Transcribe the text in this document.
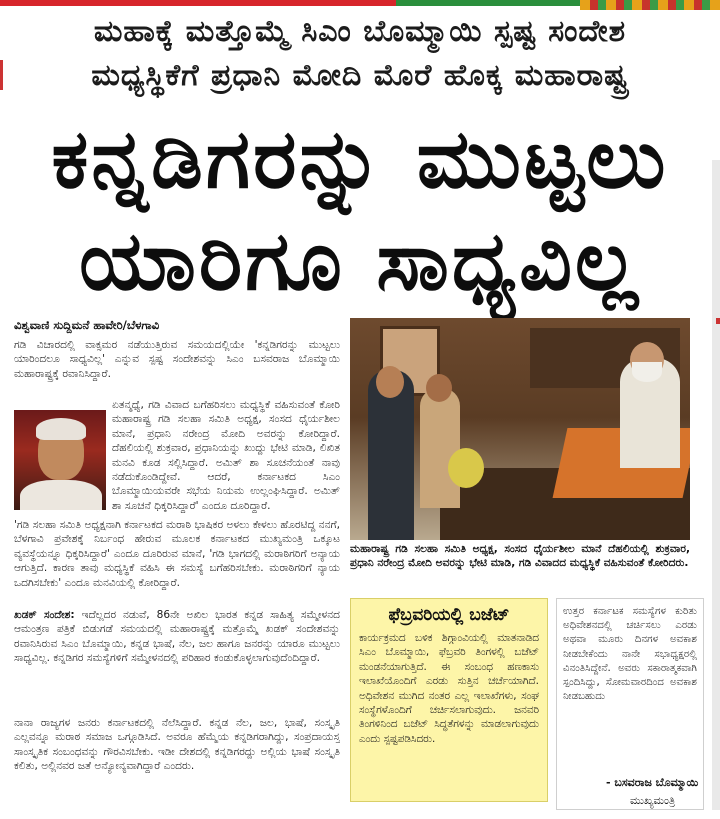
ಮಹಾಕ್ಕೆ ಮತ್ತೊಮ್ಮೆ ಸಿಎಂ ಬೊಮ್ಮಾಯಿ ಸ್ಪಷ್ಟ ಸಂದೇಶ
ಮಧ್ಯಸ್ಥಿಕೆಗೆ ಪ್ರಧಾನಿ ಮೋದಿ ಮೊರೆ ಹೊಕ್ಕ ಮಹಾರಾಷ್ಟ್ರ
ಕನ್ನಡಿಗರನ್ನು ಮುಟ್ಟಲು
ಯಾರಿಗೂ ಸಾಧ್ಯವಿಲ್ಲ
ವಿಶ್ವವಾಣಿ ಸುದ್ದಿಮನೆ ಹಾವೇರಿ/ಬೆಳಗಾವಿ
ಗಡಿ ವಿಚಾರದಲ್ಲಿ ವಾಕ್ಸಮರ ನಡೆಯುತ್ತಿರುವ ಸಮಯದಲ್ಲಿಯೇ 'ಕನ್ನಡಿಗರನ್ನು ಮುಟ್ಟಲು ಯಾರಿಂದಲೂ ಸಾಧ್ಯವಿಲ್ಲ' ಎನ್ನುವ ಸ್ಪಷ್ಟ ಸಂದೇಶವನ್ನು ಸಿಎಂ ಬಸವರಾಜ ಬೊಮ್ಮಾಯಿ ಮಹಾರಾಷ್ಟ್ರಕ್ಕೆ ರವಾನಿಸಿದ್ದಾರೆ.
ಏತನ್ಮಧ್ಯೆ, ಗಡಿ ವಿವಾದ ಬಗೆಹರಿಸಲು ಮಧ್ಯಸ್ಥಿಕೆ ವಹಿಸುವಂತೆ ಕೋರಿ ಮಹಾರಾಷ್ಟ್ರ ಗಡಿ ಸಲಹಾ ಸಮಿತಿ ಅಧ್ಯಕ್ಷ, ಸಂಸದ ಧೈರ್ಯಶೀಲ ಮಾನೆ, ಪ್ರಧಾನಿ ನರೇಂದ್ರ ಮೋದಿ ಅವರನ್ನು ಕೋರಿದ್ದಾರೆ. ದೆಹಲಿಯಲ್ಲಿ ಶುಕ್ರವಾರ, ಪ್ರಧಾನಿಯನ್ನು ಖುದ್ದು ಭೇಟಿ ಮಾಡಿ, ಲಿಖಿತ ಮನವಿ ಕೂಡ ಸಲ್ಲಿಸಿದ್ದಾರೆ. ಅಮಿತ್ ಶಾ ಸೂಚನೆಯಂತೆ ನಾವು ನಡೆದುಕೊಂಡಿದ್ದೇವೆ. ಆದರೆ, ಕರ್ನಾಟಕದ ಸಿಎಂ ಬೊಮ್ಮಾಯಿಯವರೇ ಸಭೆಯ ನಿಯಮ ಉಲ್ಲಂಘಿಸಿದ್ದಾರೆ. ಅಮಿತ್ ಶಾ ಸೂಚನೆ ಧಿಕ್ಕರಿಸಿದ್ದಾರೆ' ಎಂದೂ ದೂರಿದ್ದಾರೆ.
'ಗಡಿ ಸಲಹಾ ಸಮಿತಿ ಅಧ್ಯಕ್ಷನಾಗಿ ಕರ್ನಾಟಕದ ಮರಾಠಿ ಭಾಷಿಕರ ಅಳಲು ಕೇಳಲು ಹೊರಟಿದ್ದ ನನಗೆ, ಬೆಳಗಾವಿ ಪ್ರವೇಶಕ್ಕೆ ನಿರ್ಬಂಧ ಹೇರುವ ಮೂಲಕ ಕರ್ನಾಟಕದ ಮುಖ್ಯಮಂತ್ರಿ ಒಕ್ಕೂಟ ವ್ಯವಸ್ಥೆಯನ್ನೂ ಧಿಕ್ಕರಿಸಿದ್ದಾರೆ' ಎಂದೂ ದೂರಿರುವ ಮಾನೆ, 'ಗಡಿ ಭಾಗದಲ್ಲಿ ಮರಾಠಿಗರಿಗೆ ಅನ್ಯಾಯ ಆಗುತ್ತಿದೆ. ಕಾರಣ ತಾವು ಮಧ್ಯಸ್ಥಿಕೆ ವಹಿಸಿ ಈ ಸಮಸ್ಯೆ ಬಗೆಹರಿಸಬೇಕು. ಮರಾಠಿಗರಿಗೆ ನ್ಯಾಯ ಒದಗಿಸಬೇಕು' ಎಂದೂ ಮನವಿಯಲ್ಲಿ ಕೋರಿದ್ದಾರೆ.
ಖಡಕ್ ಸಂದೇಶ: ಇದೆಲ್ಲದರ ನಡುವೆ, 86ನೇ ಅಖಿಲ ಭಾರತ ಕನ್ನಡ ಸಾಹಿತ್ಯ ಸಮ್ಮೇಳನದ ಆಮಂತ್ರಣ ಪತ್ರಿಕೆ ಬಿಡುಗಡೆ ಸಮಯದಲ್ಲಿ ಮಹಾರಾಷ್ಟ್ರಕ್ಕೆ ಮತ್ತೊಮ್ಮೆ ಖಡಕ್ ಸಂದೇಶವನ್ನು ರವಾನಿಸಿರುವ ಸಿಎಂ ಬೊಮ್ಮಾಯಿ, ಕನ್ನಡ ಭಾಷೆ, ನೆಲ, ಜಲ ಹಾಗೂ ಜನರನ್ನು ಯಾರೂ ಮುಟ್ಟಲು ಸಾಧ್ಯವಿಲ್ಲ. ಕನ್ನಡಿಗರ ಸಮಸ್ಯೆಗಳಿಗೆ ಸಮ್ಮೇಳನದಲ್ಲಿ ಪರಿಹಾರ ಕಂಡುಕೊಳ್ಳಲಾಗುವುದೆಂದಿದ್ದಾರೆ.
ನಾನಾ ರಾಜ್ಯಗಳ ಜನರು ಕರ್ನಾಟಕದಲ್ಲಿ ನೆಲೆಸಿದ್ದಾರೆ. ಕನ್ನಡ ನೆಲ, ಜಲ, ಭಾಷೆ, ಸಂಸ್ಕೃತಿ ಎಲ್ಲವನ್ನೂ ಮರಾಠ ಸಮಾಜ ಒಗ್ಗೂಡಿಸಿದೆ. ಅವರೂ ಹೆಮ್ಮೆಯ ಕನ್ನಡಿಗರಾಗಿದ್ದು, ಸಂಪ್ರದಾಯಸ್ತ ಸಾಂಸ್ಕೃತಿಕ ಸಂಬಂಧವನ್ನು ಗೌರವಿಸಬೇಕು. ಇಡೀ ದೇಶದಲ್ಲಿ ಕನ್ನಡಿಗರದ್ದು ಅಲ್ಲಿಯ ಭಾಷೆ ಸಂಸ್ಕೃತಿ ಕಲಿತು, ಅಲ್ಲಿನವರ ಜತೆ ಅನ್ಯೋನ್ಯವಾಗಿದ್ದಾರೆ ಎಂದರು.
ಮಹಾರಾಷ್ಟ್ರ ಗಡಿ ಸಲಹಾ ಸಮಿತಿ ಅಧ್ಯಕ್ಷ, ಸಂಸದ ಧೈರ್ಯಶೀಲ ಮಾನೆ ದೆಹಲಿಯಲ್ಲಿ ಶುಕ್ರವಾರ, ಪ್ರಧಾನಿ ನರೇಂದ್ರ ಮೋದಿ ಅವರನ್ನು ಭೇಟಿ ಮಾಡಿ, ಗಡಿ ವಿವಾದದ ಮಧ್ಯಸ್ಥಿಕೆ ವಹಿಸುವಂತೆ ಕೋರಿದರು.
ಫೆಬ್ರವರಿಯಲ್ಲಿ ಬಜೆಟ್
ಕಾರ್ಯಕ್ರಮದ ಬಳಿಕ ಶಿಗ್ಗಾಂವಿಯಲ್ಲಿ ಮಾತನಾಡಿದ ಸಿಎಂ ಬೊಮ್ಮಾಯಿ, ಫೆಬ್ರವರಿ ತಿಂಗಳಲ್ಲಿ ಬಜೆಟ್ ಮಂಡನೆಯಾಗುತ್ತಿದೆ. ಈ ಸಂಬಂಧ ಹಣಕಾಸು ಇಲಾಖೆಯೊಂದಿಗೆ ಎರಡು ಸುತ್ತಿನ ಚರ್ಚೆಯಾಗಿದೆ. ಅಧಿವೇಶನ ಮುಗಿದ ನಂತರ ಎಲ್ಲ ಇಲಾಖೆಗಳು, ಸಂಘ ಸಂಸ್ಥೆಗಳೊಂದಿಗೆ ಚರ್ಚಿಸಲಾಗುವುದು. ಜನವರಿ ತಿಂಗಳಿನಿಂದ ಬಜೆಟ್ ಸಿದ್ಧತೆಗಳನ್ನು ಮಾಡಲಾಗುವುದು ಎಂದು ಸ್ಪಷ್ಟಪಡಿಸಿದರು.
ಉತ್ತರ ಕರ್ನಾಟಕ ಸಮಸ್ಯೆಗಳ ಕುರಿತು ಅಧಿವೇಶನದಲ್ಲಿ ಚರ್ಚಿಸಲು ಎರಡು ಅಥವಾ ಮೂರು ದಿನಗಳ ಅವಕಾಶ ನೀಡಬೇಕೆಂದು ನಾನೇ ಸಭಾಧ್ಯಕ್ಷರಲ್ಲಿ ವಿನಂತಿಸಿದ್ದೇನೆ. ಅವರು ಸಕಾರಾತ್ಮಕವಾಗಿ ಸ್ಪಂದಿಸಿದ್ದು, ಸೋಮವಾರದಿಂದ ಅವಕಾಶ ನೀಡಬಹುದು
- ಬಸವರಾಜ ಬೊಮ್ಮಾಯಿ
ಮುಖ್ಯಮಂತ್ರಿ
